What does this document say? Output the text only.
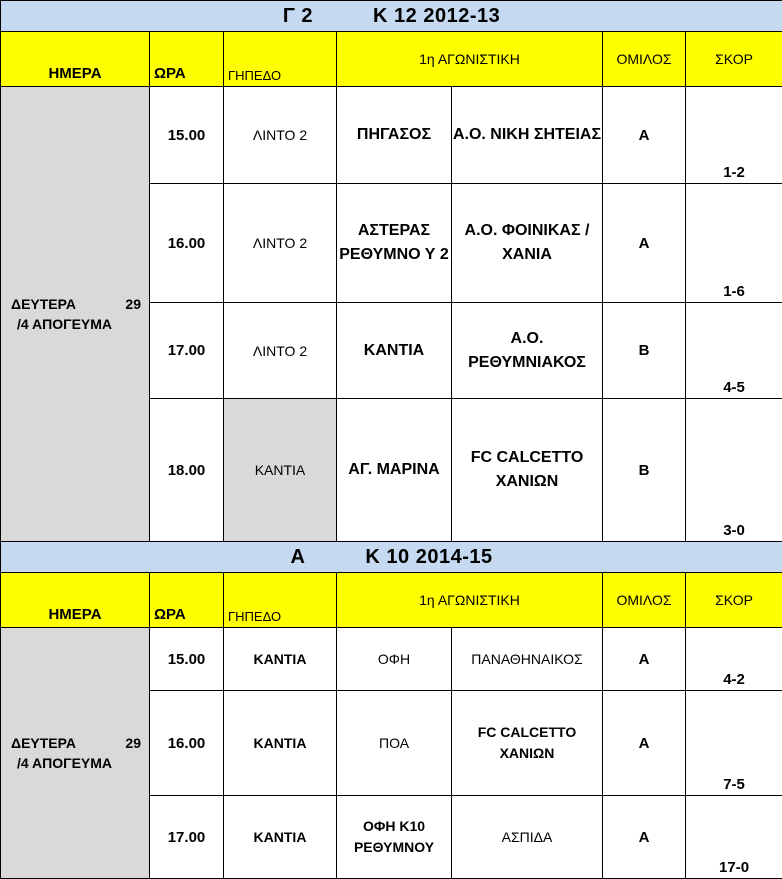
Γ 2 Κ 12 2012-13						
ΗΜΕΡΑ	ΩΡΑ	ΓΗΠΕΔΟ	1η ΑΓΩΝΙΣΤΙΚΗ		ΟΜΙΛΟΣ	ΣΚΟΡ

ΔΕΥΤΕΡΑ 29
/4 ΑΠΟΓΕΥΜΑ	15.00	ΛΙΝΤΟ 2	ΠΗΓΑΣΟΣ	Α.Ο. ΝΙΚΗ ΣΗΤΕΙΑΣ	Α	1-2
	16.00	ΛΙΝΤΟ 2	ΑΣΤΕΡΑΣ ΡΕΘΥΜΝΟ Υ 2	Α.Ο. ΦΟΙΝΙΚΑΣ /ΧΑΝΙΑ	Α	1-6
	17.00	ΛΙΝΤΟ 2	ΚΑΝΤΙΑ	Α.Ο. ΡΕΘΥΜΝΙΑΚΟΣ	Β	4-5
	18.00	ΚΑΝΤΙΑ	ΑΓ. ΜΑΡΙΝΑ	FC CALCETTO ΧΑΝΙΩΝ	Β	3-0
Α Κ 10 2014-15						
ΗΜΕΡΑ	ΩΡΑ	ΓΗΠΕΔΟ	1η ΑΓΩΝΙΣΤΙΚΗ		ΟΜΙΛΟΣ	ΣΚΟΡ

ΔΕΥΤΕΡΑ 29
/4 ΑΠΟΓΕΥΜΑ	15.00	ΚΑΝΤΙΑ	ΟΦΗ	ΠΑΝΑΘΗΝΑΙΚΟΣ	Α	4-2
	16.00	ΚΑΝΤΙΑ	ΠΟΑ	FC CALCETTO ΧΑΝΙΩΝ	Α	7-5
	17.00	ΚΑΝΤΙΑ	ΟΦΗ Κ10 ΡΕΘΥΜΝΟΥ	ΑΣΠΙΔΑ	Α	17-0
